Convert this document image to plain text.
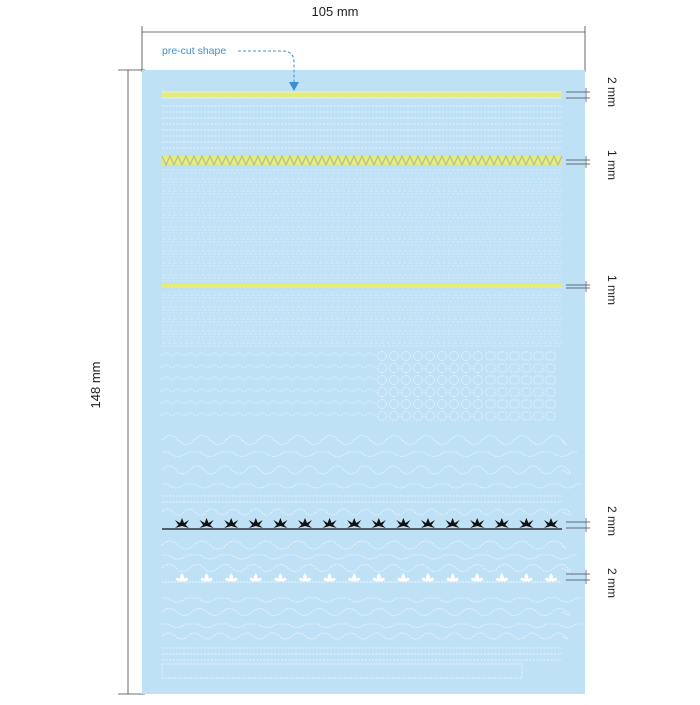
105 mm
148 mm
pre-cut shape
2 mm
1 mm
1 mm
2 mm
2 mm
